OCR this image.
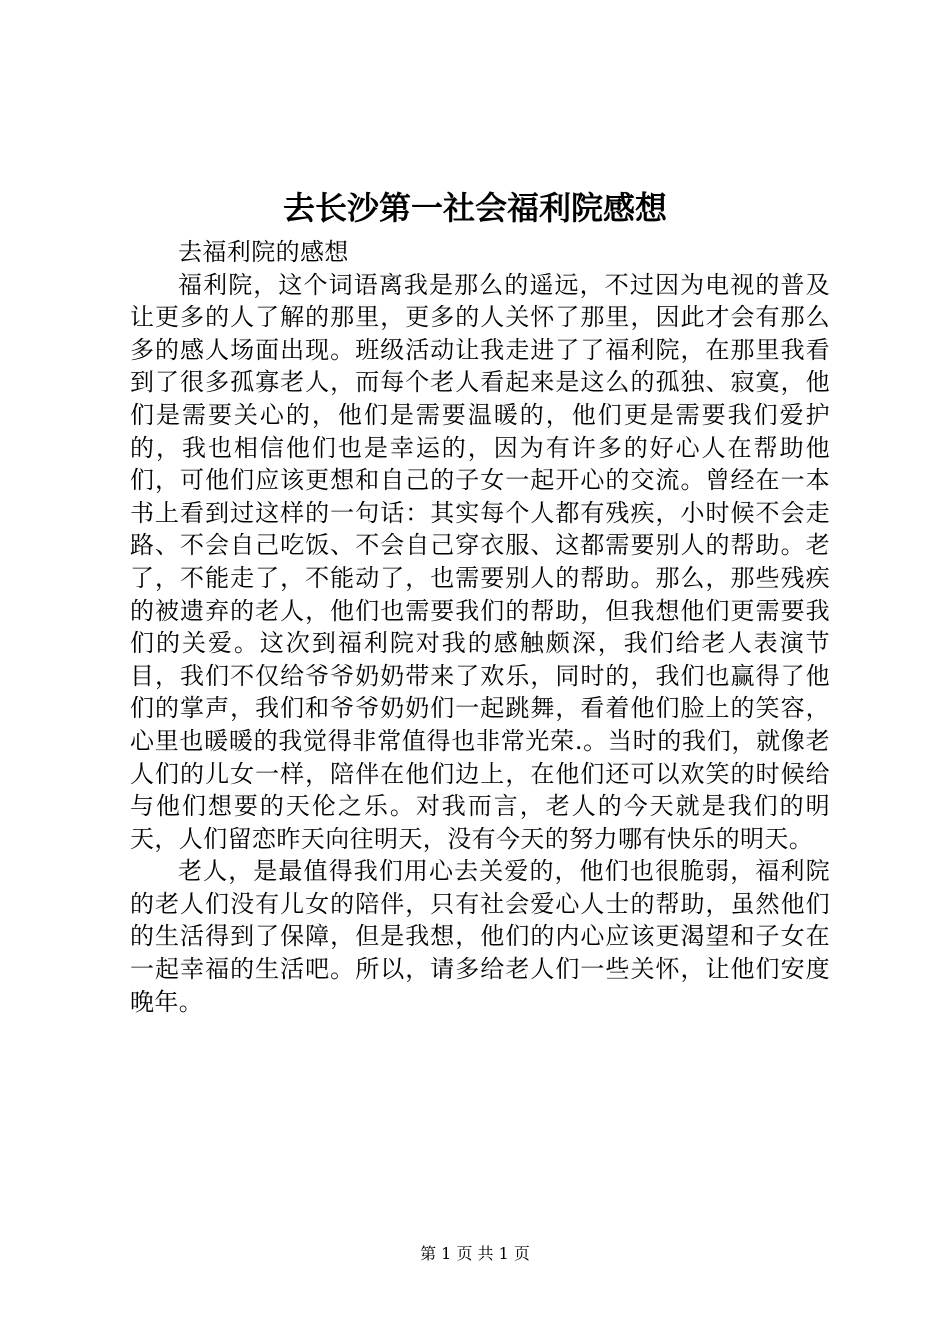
去长沙第一社会福利院感想

去福利院的感想

福利院，这个词语离我是那么的遥远，不过因为电视的普及让更多的人了解的那里，更多的人关怀了那里，因此才会有那么多的感人场面出现。班级活动让我走进了了福利院，在那里我看到了很多孤寡老人，而每个老人看起来是这么的孤独、寂寞，他们是需要关心的，他们是需要温暖的，他们更是需要我们爱护的，我也相信他们也是幸运的，因为有许多的好心人在帮助他们，可他们应该更想和自己的子女一起开心的交流。曾经在一本书上看到过这样的一句话：其实每个人都有残疾，小时候不会走路、不会自己吃饭、不会自己穿衣服、这都需要别人的帮助。老了，不能走了，不能动了，也需要别人的帮助。那么，那些残疾的被遗弃的老人，他们也需要我们的帮助，但我想他们更需要我们的关爱。这次到福利院对我的感触颇深，我们给老人表演节目，我们不仅给爷爷奶奶带来了欢乐，同时的，我们也赢得了他们的掌声，我们和爷爷奶奶们一起跳舞，看着他们脸上的笑容，心里也暖暖的我觉得非常值得也非常光荣.。当时的我们，就像老人们的儿女一样，陪伴在他们边上，在他们还可以欢笑的时候给与他们想要的天伦之乐。对我而言，老人的今天就是我们的明天，人们留恋昨天向往明天，没有今天的努力哪有快乐的明天。

老人，是最值得我们用心去关爱的，他们也很脆弱，福利院的老人们没有儿女的陪伴，只有社会爱心人士的帮助，虽然他们的生活得到了保障，但是我想，他们的内心应该更渴望和子女在一起幸福的生活吧。所以，请多给老人们一些关怀，让他们安度晚年。

第 1 页 共 1 页
